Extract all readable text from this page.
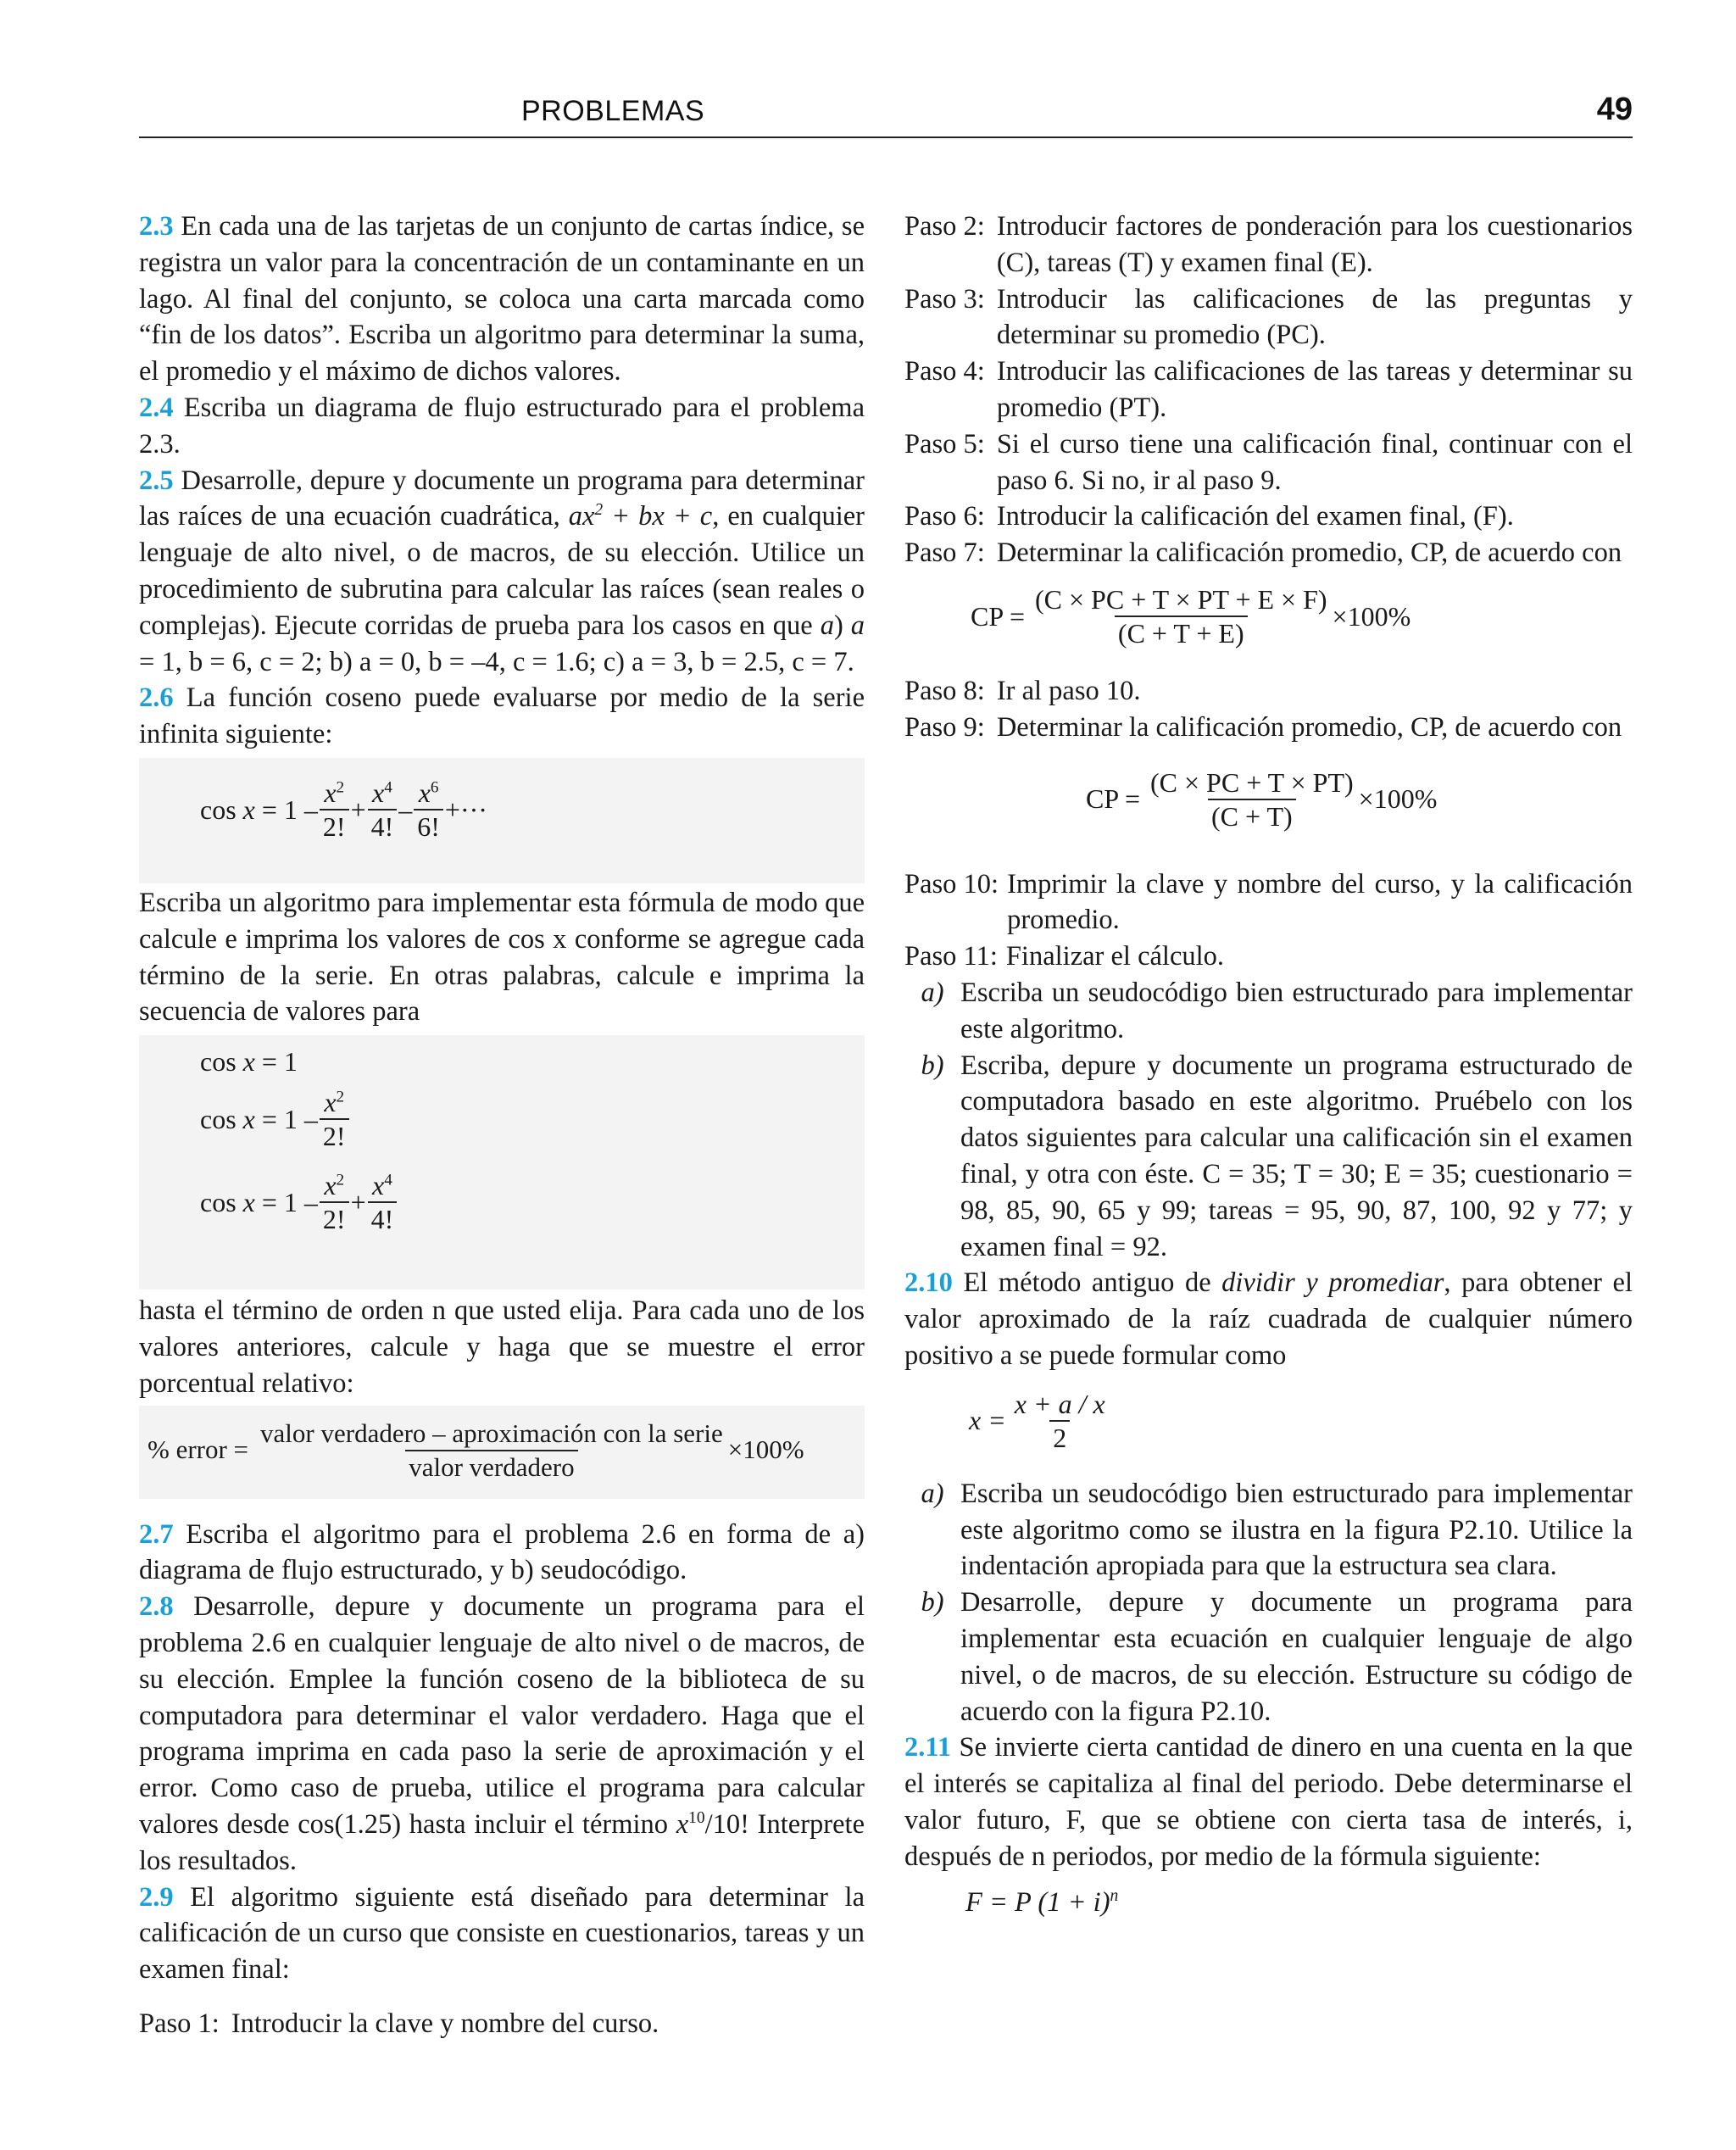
PROBLEMAS	49

2.3 En cada una de las tarjetas de un conjunto de cartas índice, se registra un valor para la concentración de un contaminante en un lago. Al final del conjunto, se coloca una carta marcada como “fin de los datos”. Escriba un algoritmo para determinar la suma, el promedio y el máximo de dichos valores.

2.4 Escriba un diagrama de flujo estructurado para el problema 2.3.

2.5 Desarrolle, depure y documente un programa para determinar las raíces de una ecuación cuadrática, $ax^2$ + bx + c, en cualquier lenguaje de alto nivel, o de macros, de su elección. Utilice un procedimiento de subrutina para calcular las raíces (sean reales o complejas). Ejecute corridas de prueba para los casos en que a) a = 1, b = 6, c = 2; b) a = 0, b = –4, c = 1.6; c) a = 3, b = 2.5, c = 7.

2.6 La función coseno puede evaluarse por medio de la serie infinita siguiente:

$\cos x = 1 - \frac{x^2}{2!} + \frac{x^4}{4!} - \frac{x^6}{6!}$ +···

Escriba un algoritmo para implementar esta fórmula de modo que calcule e imprima los valores de cos x conforme se agregue cada término de la serie. En otras palabras, calcule e imprima la secuencia de valores para

cos x = 1
$\cos x = 1 - \frac{x^2}{2!}$
$\cos x = 1 - \frac{x^2}{2!} + \frac{x^4}{4!}$

hasta el término de orden n que usted elija. Para cada uno de los valores anteriores, calcule y haga que se muestre el error porcentual relativo:

% error = $\frac{\text{valor verdadero – aproximación con la serie}}{\text{valor verdadero}} \times 100\%$

2.7 Escriba el algoritmo para el problema 2.6 en forma de a) diagrama de flujo estructurado, y b) seudocódigo.

2.8 Desarrolle, depure y documente un programa para el problema 2.6 en cualquier lenguaje de alto nivel o de macros, de su elección. Emplee la función coseno de la biblioteca de su computadora para determinar el valor verdadero. Haga que el programa imprima en cada paso la serie de aproximación y el error. Como caso de prueba, utilice el programa para calcular valores desde cos(1.25) hasta incluir el término $x^{10}/10$! Interprete los resultados.

2.9 El algoritmo siguiente está diseñado para determinar la calificación de un curso que consiste en cuestionarios, tareas y un examen final:

Paso 1: Introducir la clave y nombre del curso.
Paso 2: Introducir factores de ponderación para los cuestionarios (C), tareas (T) y examen final (E).
Paso 3: Introducir las calificaciones de las preguntas y determinar su promedio (PC).
Paso 4: Introducir las calificaciones de las tareas y determinar su promedio (PT).
Paso 5: Si el curso tiene una calificación final, continuar con el paso 6. Si no, ir al paso 9.
Paso 6: Introducir la calificación del examen final, (F).
Paso 7: Determinar la calificación promedio, CP, de acuerdo con
CP = $\frac{(C \times PC + T \times PT + E \times F)}{(C + T + E)} \times 100\%$
Paso 8: Ir al paso 10.
Paso 9: Determinar la calificación promedio, CP, de acuerdo con
CP = $\frac{(C \times PC + T \times PT)}{(C + T)} \times 100\%$
Paso 10: Imprimir la clave y nombre del curso, y la calificación promedio.
Paso 11: Finalizar el cálculo.
a) Escriba un seudocódigo bien estructurado para implementar este algoritmo.
b) Escriba, depure y documente un programa estructurado de computadora basado en este algoritmo. Pruébelo con los datos siguientes para calcular una calificación sin el examen final, y otra con éste. C = 35; T = 30; E = 35; cuestionario = 98, 85, 90, 65 y 99; tareas = 95, 90, 87, 100, 92 y 77; y examen final = 92.

2.10 El método antiguo de dividir y promediar, para obtener el valor aproximado de la raíz cuadrada de cualquier número positivo a se puede formular como

$x = \frac{x + a / x}{2}$
a) Escriba un seudocódigo bien estructurado para implementar este algoritmo como se ilustra en la figura P2.10. Utilice la indentación apropiada para que la estructura sea clara.
b) Desarrolle, depure y documente un programa para implementar esta ecuación en cualquier lenguaje de algo nivel, o de macros, de su elección. Estructure su código de acuerdo con la figura P2.10.

2.11 Se invierte cierta cantidad de dinero en una cuenta en la que el interés se capitaliza al final del periodo. Debe determinarse el valor futuro, F, que se obtiene con cierta tasa de interés, i, después de n periodos, por medio de la fórmula siguiente:

F = P $(1 + i)^n$
